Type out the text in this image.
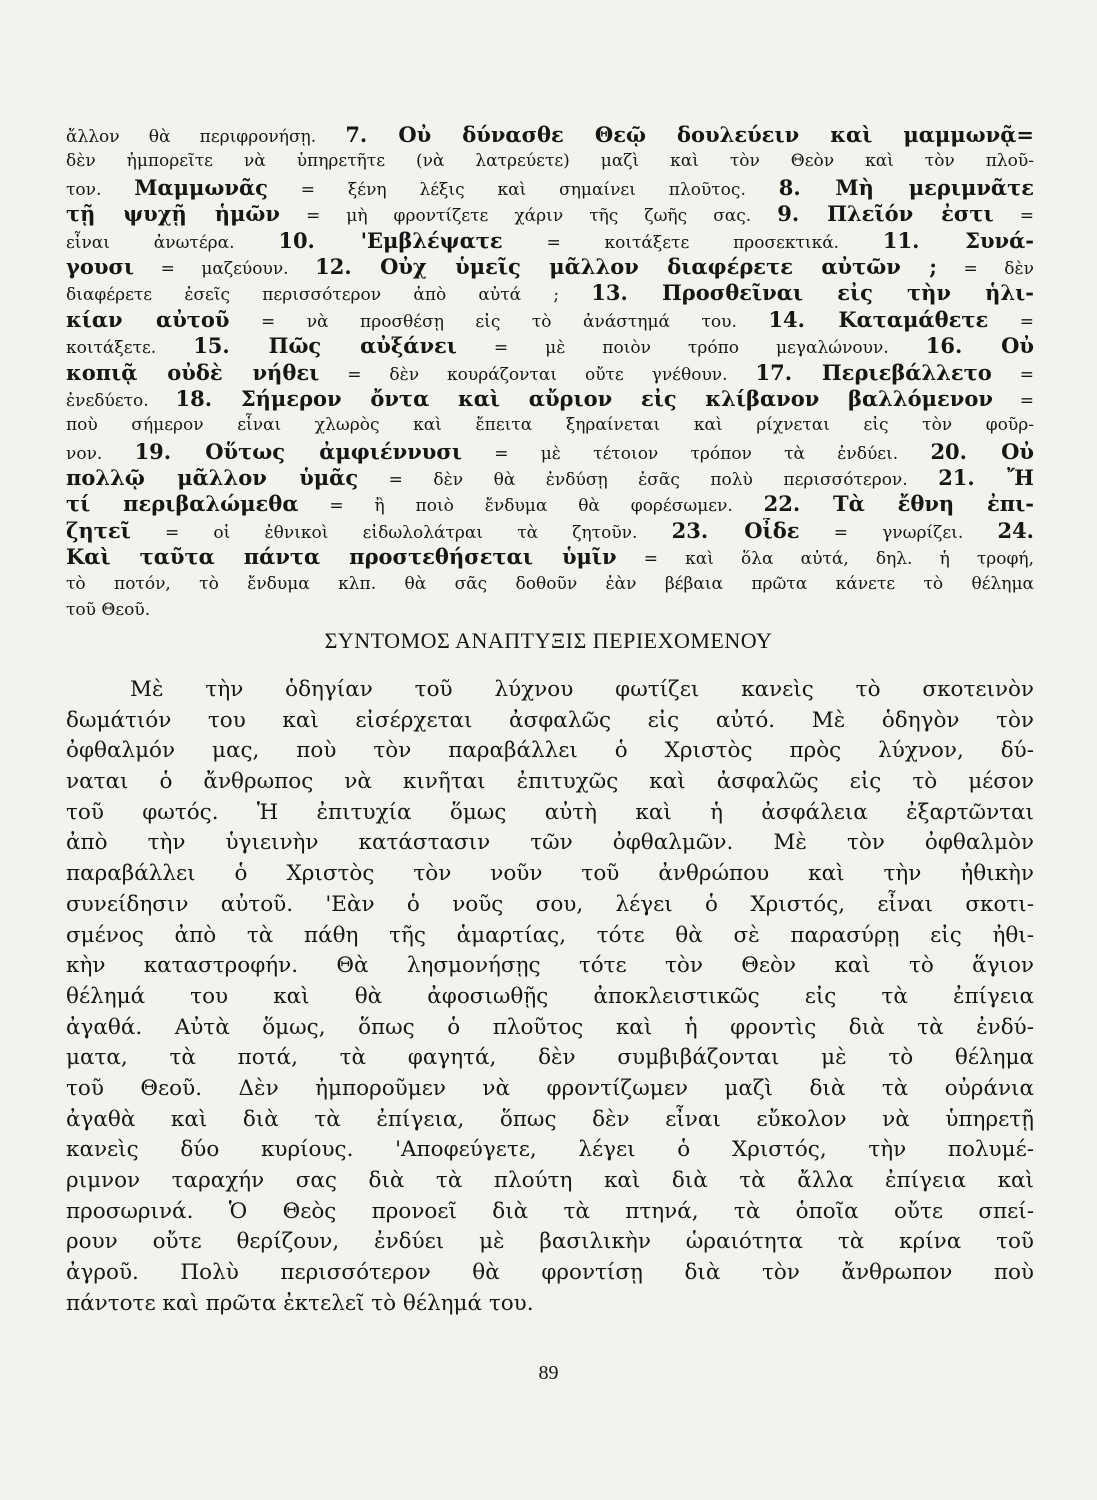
ἄλλον θὰ περιφρονήσῃ. 7. Οὐ δύνασθε Θεῷ δουλεύειν καὶ μαμμωνᾷ=
δὲν ἠμπορεῖτε νὰ ὑπηρετῆτε (νὰ λατρεύετε) μαζὶ καὶ τὸν Θεὸν καὶ τὸν πλοῦ-
τον. Μαμμωνᾶς = ξένη λέξις καὶ σημαίνει πλοῦτος. 8. Μὴ μεριμνᾶτε
τῇ ψυχῇ ἡμῶν = μὴ φροντίζετε χάριν τῆς ζωῆς σας. 9. Πλεῖόν ἐστι =
εἶναι ἀνωτέρα. 10. 'Εμβλέψατε = κοιτάξετε προσεκτικά. 11. Συνά-
γουσι = μαζεύουν. 12. Οὐχ ὑμεῖς μᾶλλον διαφέρετε αὐτῶν ; = δὲν
διαφέρετε ἐσεῖς περισσότερον ἀπὸ αὐτά ; 13. Προσθεῖναι εἰς τὴν ἡλι-
κίαν αὐτοῦ = νὰ προσθέσῃ εἰς τὸ ἀνάστημά του. 14. Καταμάθετε =
κοιτάξετε. 15. Πῶς αὐξάνει = μὲ ποιὸν τρόπο μεγαλώνουν. 16. Οὐ
κοπιᾷ οὐδὲ νήθει = δὲν κουράζονται οὔτε γνέθουν. 17. Περιεβάλλετο =
ἐνεδύετο. 18. Σήμερον ὄντα καὶ αὔριον εἰς κλίβανον βαλλόμενον =
ποὺ σήμερον εἶναι χλωρὸς καὶ ἔπειτα ξηραίνεται καὶ ρίχνεται εἰς τὸν φοῦρ-
νον. 19. Οὕτως ἀμφιέννυσι = μὲ τέτοιον τρόπον τὰ ἐνδύει. 20. Οὐ
πολλῷ μᾶλλον ὑμᾶς = δὲν θὰ ἐνδύσῃ ἐσᾶς πολὺ περισσότερον. 21. Ἤ
τί περιβαλώμεθα = ἢ ποιὸ ἔνδυμα θὰ φορέσωμεν. 22. Τὰ ἔθνη ἐπι-
ζητεῖ = οἱ ἐθνικοὶ εἰδωλολάτραι τὰ ζητοῦν. 23. Οἶδε = γνωρίζει. 24.
Καὶ ταῦτα πάντα προστεθήσεται ὑμῖν = καὶ ὅλα αὐτά, δηλ. ἡ τροφή,
τὸ ποτόν, τὸ ἔνδυμα κλπ. θὰ σᾶς δοθοῦν ἐὰν βέβαια πρῶτα κάνετε τὸ θέλημα
τοῦ Θεοῦ.
ΣΥΝΤΟΜΟΣ ΑΝΑΠΤΥΞΙΣ ΠΕΡΙΕΧΟΜΕΝΟΥ
Μὲ τὴν ὁδηγίαν τοῦ λύχνου φωτίζει κανεὶς τὸ σκοτεινὸν
δωμάτιόν του καὶ εἰσέρχεται ἀσφαλῶς εἰς αὐτό. Μὲ ὁδηγὸν τὸν
ὀφθαλμόν μας, ποὺ τὸν παραβάλλει ὁ Χριστὸς πρὸς λύχνον, δύ-
ναται ὁ ἄνθρωπος νὰ κινῆται ἐπιτυχῶς καὶ ἀσφαλῶς εἰς τὸ μέσον
τοῦ φωτός. Ἡ ἐπιτυχία ὅμως αὐτὴ καὶ ἡ ἀσφάλεια ἐξαρτῶνται
ἀπὸ τὴν ὑγιεινὴν κατάστασιν τῶν ὀφθαλμῶν. Μὲ τὸν ὀφθαλμὸν
παραβάλλει ὁ Χριστὸς τὸν νοῦν τοῦ ἀνθρώπου καὶ τὴν ἠθικὴν
συνείδησιν αὐτοῦ. 'Εὰν ὁ νοῦς σου, λέγει ὁ Χριστός, εἶναι σκοτι-
σμένος ἀπὸ τὰ πάθη τῆς ἁμαρτίας, τότε θὰ σὲ παρασύρῃ εἰς ἠθι-
κὴν καταστροφήν. Θὰ λησμονήσῃς τότε τὸν Θεὸν καὶ τὸ ἅγιον
θέλημά του καὶ θὰ ἀφοσιωθῇς ἀποκλειστικῶς εἰς τὰ ἐπίγεια
ἀγαθά. Αὐτὰ ὅμως, ὅπως ὁ πλοῦτος καὶ ἡ φροντὶς διὰ τὰ ἐνδύ-
ματα, τὰ ποτά, τὰ φαγητά, δὲν συμβιβάζονται μὲ τὸ θέλημα
τοῦ Θεοῦ. Δὲν ἠμποροῦμεν νὰ φροντίζωμεν μαζὶ διὰ τὰ οὐράνια
ἀγαθὰ καὶ διὰ τὰ ἐπίγεια, ὅπως δὲν εἶναι εὔκολον νὰ ὑπηρετῇ
κανεὶς δύο κυρίους. 'Αποφεύγετε, λέγει ὁ Χριστός, τὴν πολυμέ-
ριμνον ταραχήν σας διὰ τὰ πλούτη καὶ διὰ τὰ ἄλλα ἐπίγεια καὶ
προσωρινά. Ὁ Θεὸς προνοεῖ διὰ τὰ πτηνά, τὰ ὁποῖα οὔτε σπεί-
ρουν οὔτε θερίζουν, ἐνδύει μὲ βασιλικὴν ὡραιότητα τὰ κρίνα τοῦ
ἀγροῦ. Πολὺ περισσότερον θὰ φροντίσῃ διὰ τὸν ἄνθρωπον ποὺ
πάντοτε καὶ πρῶτα ἐκτελεῖ τὸ θέλημά του.
89
